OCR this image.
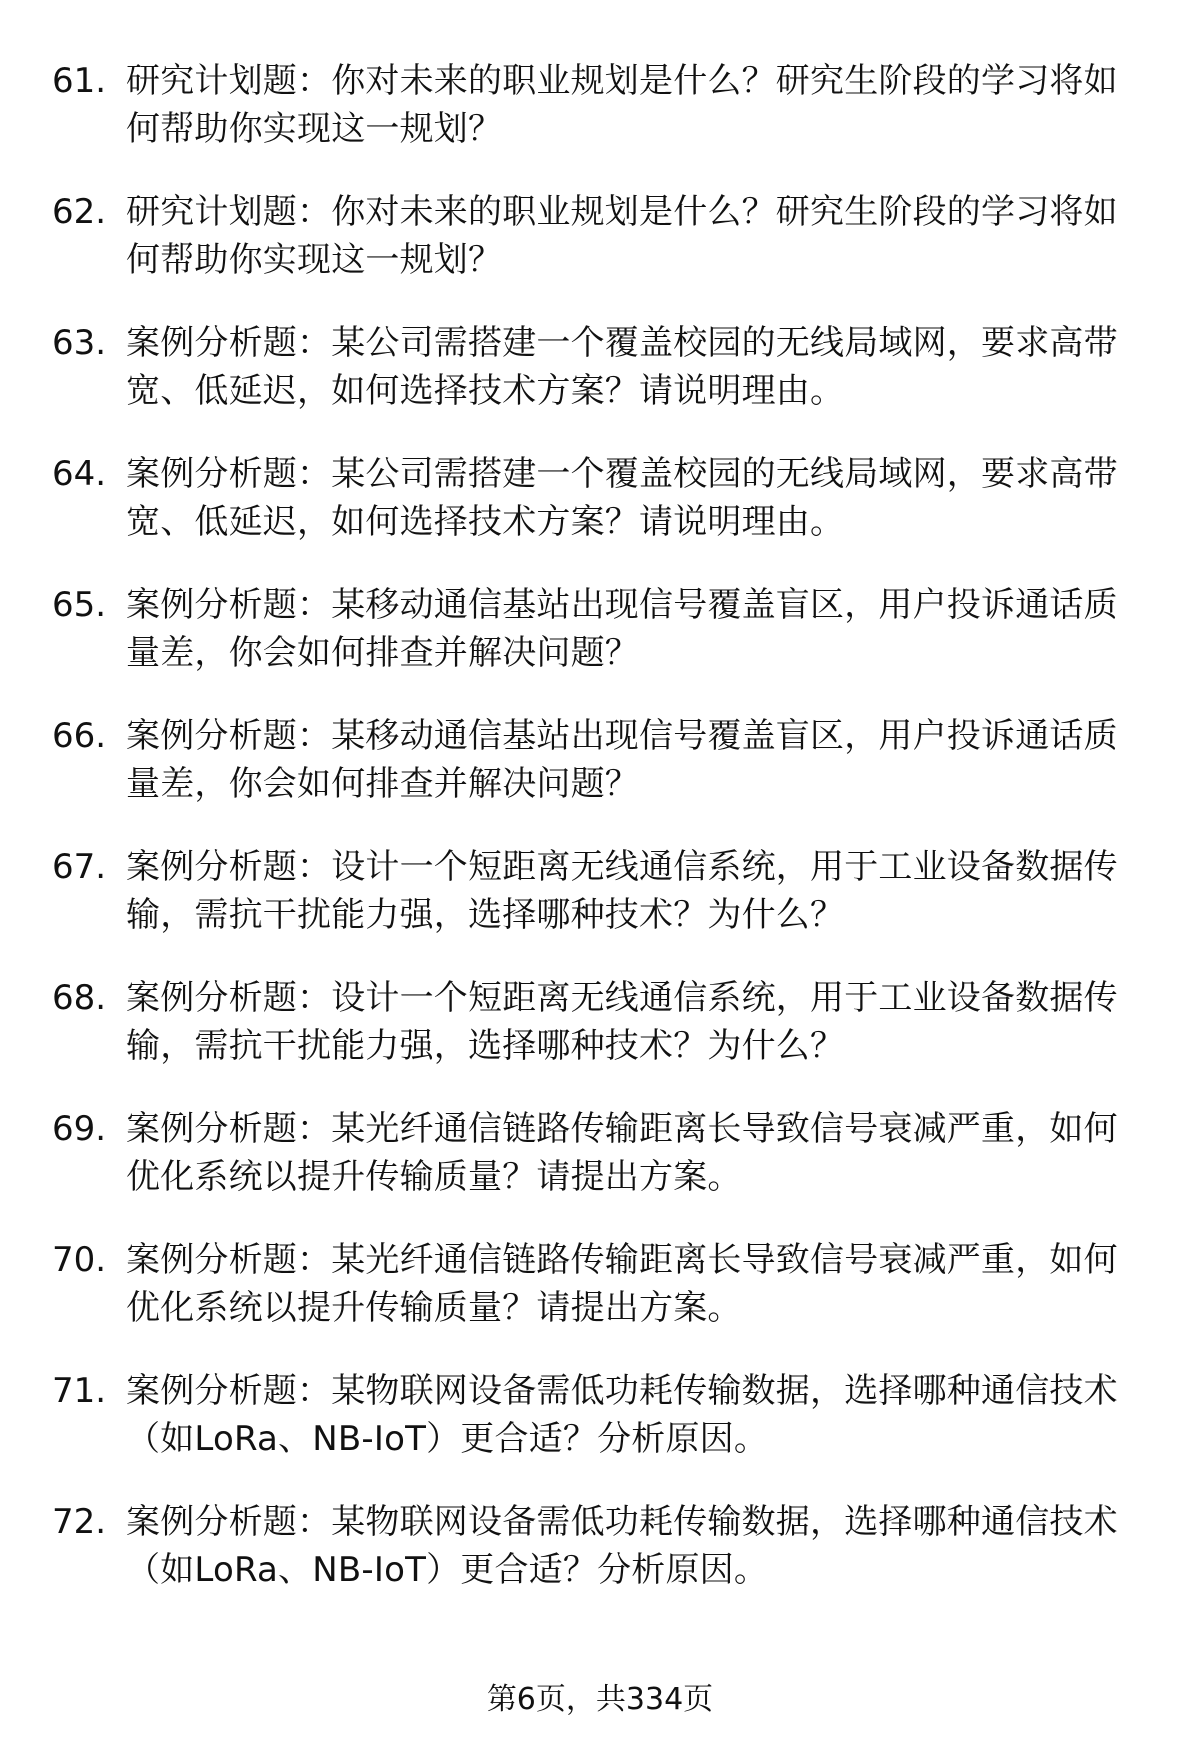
61. 研究计划题：你对未来的职业规划是什么？研究生阶段的学习将如何帮助你实现这一规划？
62. 研究计划题：你对未来的职业规划是什么？研究生阶段的学习将如何帮助你实现这一规划？
63. 案例分析题：某公司需搭建一个覆盖校园的无线局域网，要求高带宽、低延迟，如何选择技术方案？请说明理由。
64. 案例分析题：某公司需搭建一个覆盖校园的无线局域网，要求高带宽、低延迟，如何选择技术方案？请说明理由。
65. 案例分析题：某移动通信基站出现信号覆盖盲区，用户投诉通话质量差，你会如何排查并解决问题？
66. 案例分析题：某移动通信基站出现信号覆盖盲区，用户投诉通话质量差，你会如何排查并解决问题？
67. 案例分析题：设计一个短距离无线通信系统，用于工业设备数据传输，需抗干扰能力强，选择哪种技术？为什么？
68. 案例分析题：设计一个短距离无线通信系统，用于工业设备数据传输，需抗干扰能力强，选择哪种技术？为什么？
69. 案例分析题：某光纤通信链路传输距离长导致信号衰减严重，如何优化系统以提升传输质量？请提出方案。
70. 案例分析题：某光纤通信链路传输距离长导致信号衰减严重，如何优化系统以提升传输质量？请提出方案。
71. 案例分析题：某物联网设备需低功耗传输数据，选择哪种通信技术（如LoRa、NB-IoT）更合适？分析原因。
72. 案例分析题：某物联网设备需低功耗传输数据，选择哪种通信技术（如LoRa、NB-IoT）更合适？分析原因。
第6页，共334页
